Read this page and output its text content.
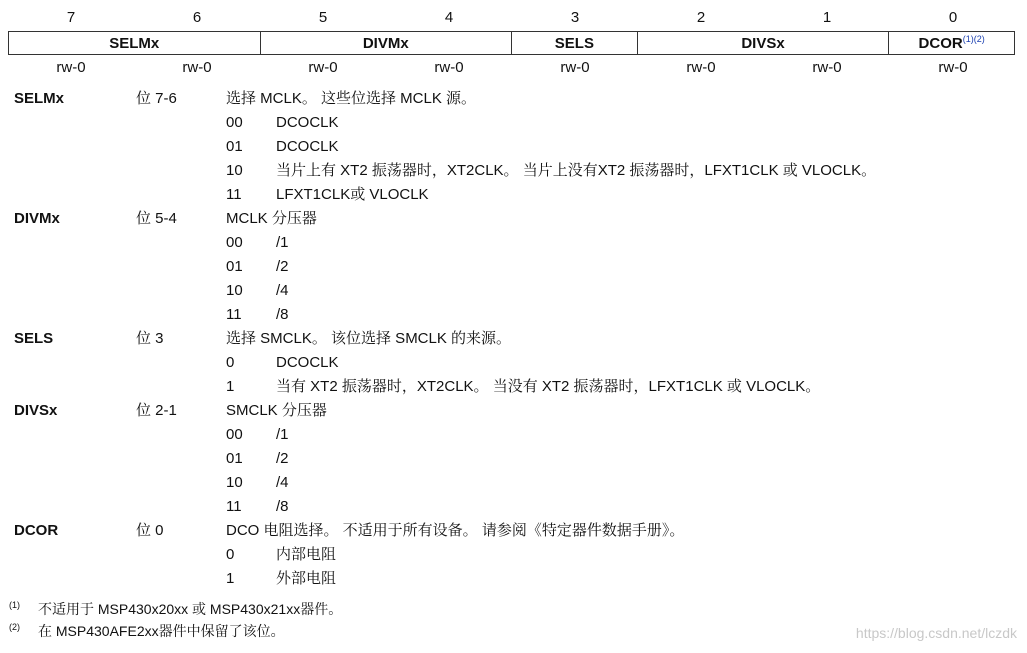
7	6	5	4	3	2	1	0
SELMx	DIVMx	SELS	DIVSx	$DCOR^{(1)(2)}$
rw-0	rw-0	rw-0	rw-0	rw-0	rw-0	rw-0	rw-0
SELMx	位 7-6	选择 MCLK。 这些位选择 MCLK 源。
00 DCOCLK
01 DCOCLK
10 当片上有 XT2 振荡器时，XT2CLK。 当片上没有XT2 振荡器时，LFXT1CLK 或 VLOCLK。
11 LFXT1CLK或 VLOCLK
DIVMx	位 5-4	MCLK 分压器
00 /1
01 /2
10 /4
11 /8
SELS	位 3	选择 SMCLK。 该位选择 SMCLK 的来源。
0	DCOCLK
1	当有 XT2 振荡器时，XT2CLK。 当没有 XT2 振荡器时，LFXT1CLK 或 VLOCLK。
DIVSx	位 2-1	SMCLK 分压器
00 /1
01 /2
10 /4
11 /8
DCOR	位 0	DCO 电阻选择。 不适用于所有设备。 请参阅《特定器件数据手册》。
0	内部电阻
1	外部电阻
(1) 不适用于 MSP430x20xx 或 MSP430x21xx器件。
(2) 在 MSP430AFE2xx器件中保留了该位。	https://blog.csdn.net/lczdk
